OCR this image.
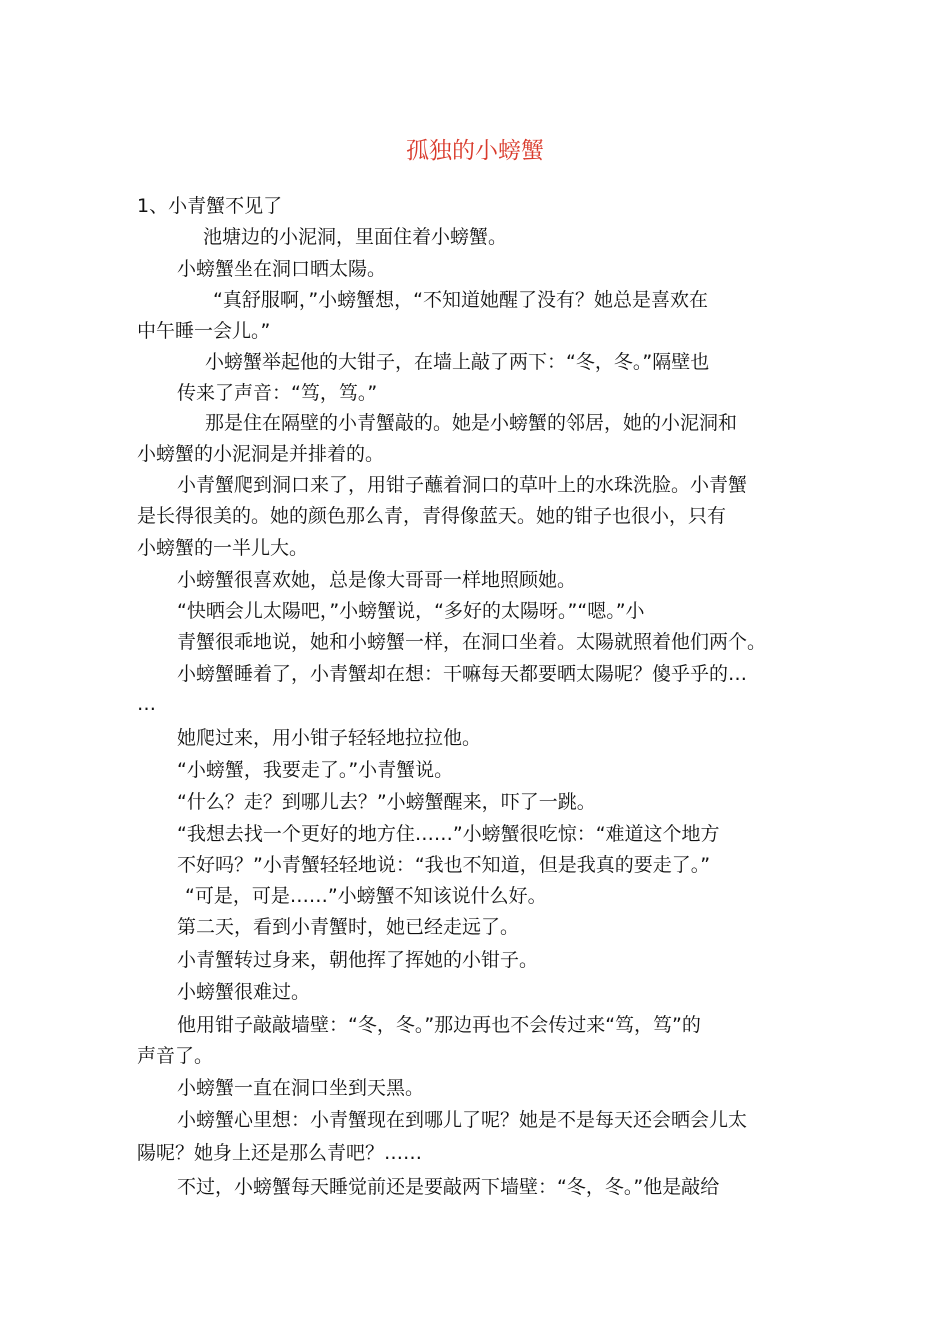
孤独的小螃蟹
1、小青蟹不见了
池塘边的小泥洞，里面住着小螃蟹。
小螃蟹坐在洞口晒太陽。
“真舒服啊，”小螃蟹想，“不知道她醒了没有？她总是喜欢在
中午睡一会儿。”
小螃蟹举起他的大钳子，在墙上敲了两下：“冬，冬。”隔壁也
传来了声音：“笃，笃。”
那是住在隔壁的小青蟹敲的。她是小螃蟹的邻居，她的小泥洞和
小螃蟹的小泥洞是并排着的。
小青蟹爬到洞口来了，用钳子蘸着洞口的草叶上的水珠洗脸。小青蟹
是长得很美的。她的颜色那么青，青得像蓝天。她的钳子也很小，只有
小螃蟹的一半儿大。
小螃蟹很喜欢她，总是像大哥哥一样地照顾她。
“快晒会儿太陽吧，”小螃蟹说，“多好的太陽呀。”“嗯。”小
青蟹很乖地说，她和小螃蟹一样，在洞口坐着。太陽就照着他们两个。
小螃蟹睡着了，小青蟹却在想：干嘛每天都要晒太陽呢？傻乎乎的…
…
她爬过来，用小钳子轻轻地拉拉他。
“小螃蟹，我要走了。”小青蟹说。
“什么？走？到哪儿去？”小螃蟹醒来，吓了一跳。
“我想去找一个更好的地方住……”小螃蟹很吃惊：“难道这个地方
不好吗？”小青蟹轻轻地说：“我也不知道，但是我真的要走了。”
“可是，可是……”小螃蟹不知该说什么好。
第二天，看到小青蟹时，她已经走远了。
小青蟹转过身来，朝他挥了挥她的小钳子。
小螃蟹很难过。
他用钳子敲敲墙壁：“冬，冬。”那边再也不会传过来“笃，笃”的
声音了。
小螃蟹一直在洞口坐到天黑。
小螃蟹心里想：小青蟹现在到哪儿了呢？她是不是每天还会晒会儿太
陽呢？她身上还是那么青吧？……
不过，小螃蟹每天睡觉前还是要敲两下墙壁：“冬，冬。”他是敲给
